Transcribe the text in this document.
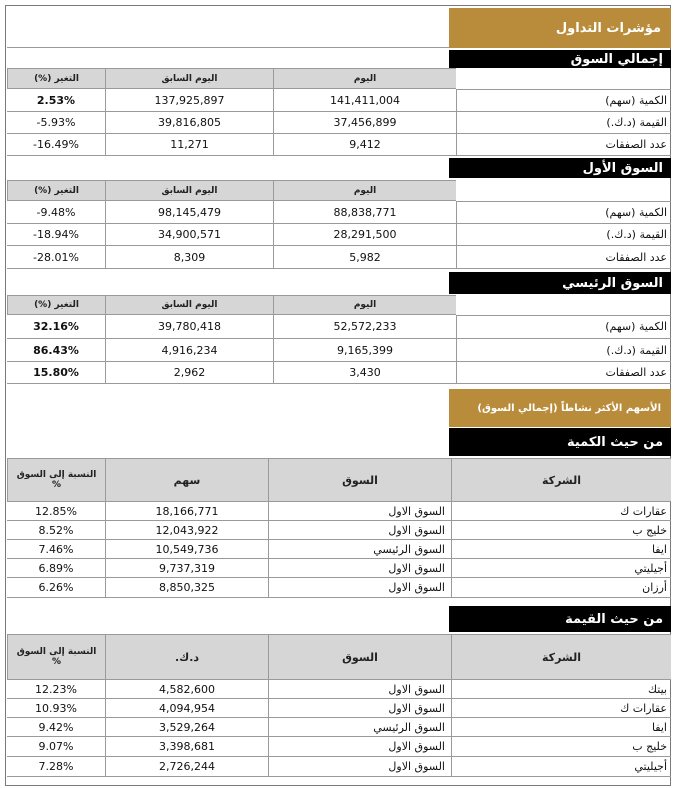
مؤشرات التداول
إجمالي السوق
التغير (%)	اليوم السابق	اليوم
2.53%	137,925,897	141,411,004	الكمية (سهم)
-5.93%	39,816,805	37,456,899	القيمة (د.ك.)
-16.49%	11,271	9,412	عدد الصفقات
السوق الأول
التغير (%)	اليوم السابق	اليوم
-9.48%	98,145,479	88,838,771	الكمية (سهم)
-18.94%	34,900,571	28,291,500	القيمة (د.ك.)
-28.01%	8,309	5,982	عدد الصفقات
السوق الرئيسي
التغير (%)	اليوم السابق	اليوم
32.16%	39,780,418	52,572,233	الكمية (سهم)
86.43%	4,916,234	9,165,399	القيمة (د.ك.)
15.80%	2,962	3,430	عدد الصفقات
الأسهم الأكثر نشاطاً (إجمالي السوق)
من حيث الكمية
النسبة إلى السوق %	سهم	السوق	الشركة
12.85%	18,166,771	السوق الاول	عقارات ك
8.52%	12,043,922	السوق الاول	خليج ب
7.46%	10,549,736	السوق الرئيسي	ايفا
6.89%	9,737,319	السوق الاول	أجيليتي
6.26%	8,850,325	السوق الاول	أرزان
من حيث القيمة
النسبة إلى السوق %	د.ك.	السوق	الشركة
12.23%	4,582,600	السوق الاول	بيتك
10.93%	4,094,954	السوق الاول	عقارات ك
9.42%	3,529,264	السوق الرئيسي	ايفا
9.07%	3,398,681	السوق الاول	خليج ب
7.28%	2,726,244	السوق الاول	أجيليتي
